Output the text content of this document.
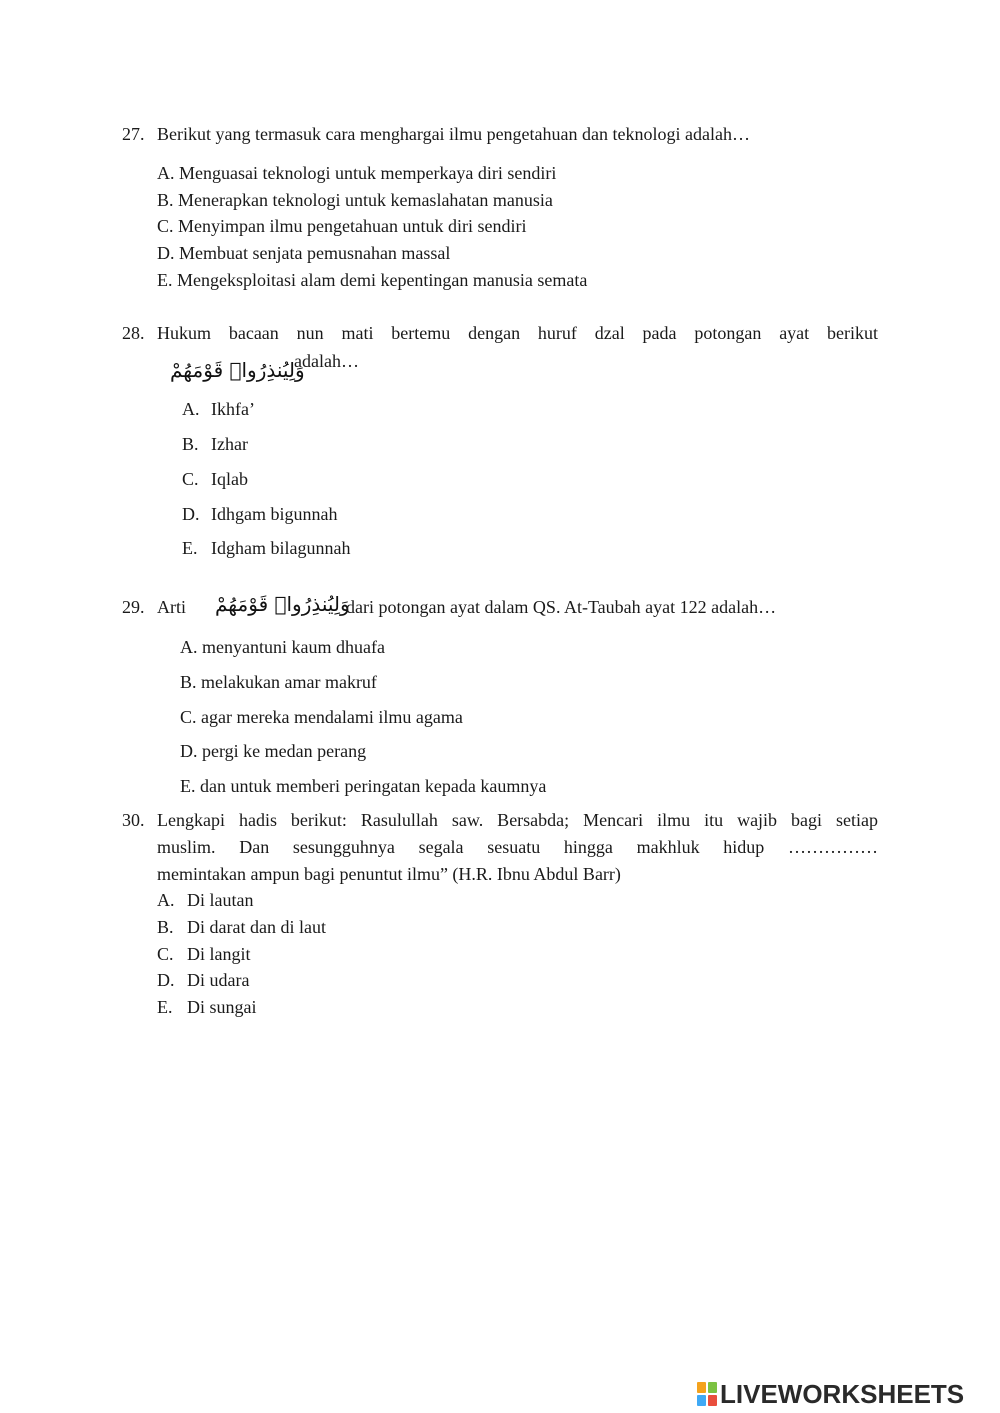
27. Berikut yang termasuk cara menghargai ilmu pengetahuan dan teknologi adalah…
A. Menguasai teknologi untuk memperkaya diri sendiri
B. Menerapkan teknologi untuk kemaslahatan manusia
C. Menyimpan ilmu pengetahuan untuk diri sendiri
D. Membuat senjata pemusnahan massal
E. Mengeksploitasi alam demi kepentingan manusia semata
28. Hukum bacaan nun mati bertemu dengan huruf dzal pada potongan ayat berikut
وَلِيُنذِرُوا۟ قَوْمَهُمْ
adalah…
A. Ikhfa’
B. Izhar
C. Iqlab
D. Idhgam bigunnah
E. Idgham bilagunnah
29. Arti وَلِيُنذِرُوا۟ قَوْمَهُمْ
dari potongan ayat dalam QS. At-Taubah ayat 122 adalah…
A. menyantuni kaum dhuafa
B. melakukan amar makruf
C. agar mereka mendalami ilmu agama
D. pergi ke medan perang
E. dan untuk memberi peringatan kepada kaumnya
30. Lengkapi hadis berikut: Rasulullah saw. Bersabda; Mencari ilmu itu wajib bagi setiap
muslim. Dan sesungguhnya segala sesuatu hingga makhluk hidup ……………
memintakan ampun bagi penuntut ilmu” (H.R. Ibnu Abdul Barr)
A. Di lautan
B. Di darat dan di laut
C. Di langit
D. Di udara
E. Di sungai
LIVEWORKSHEETS
